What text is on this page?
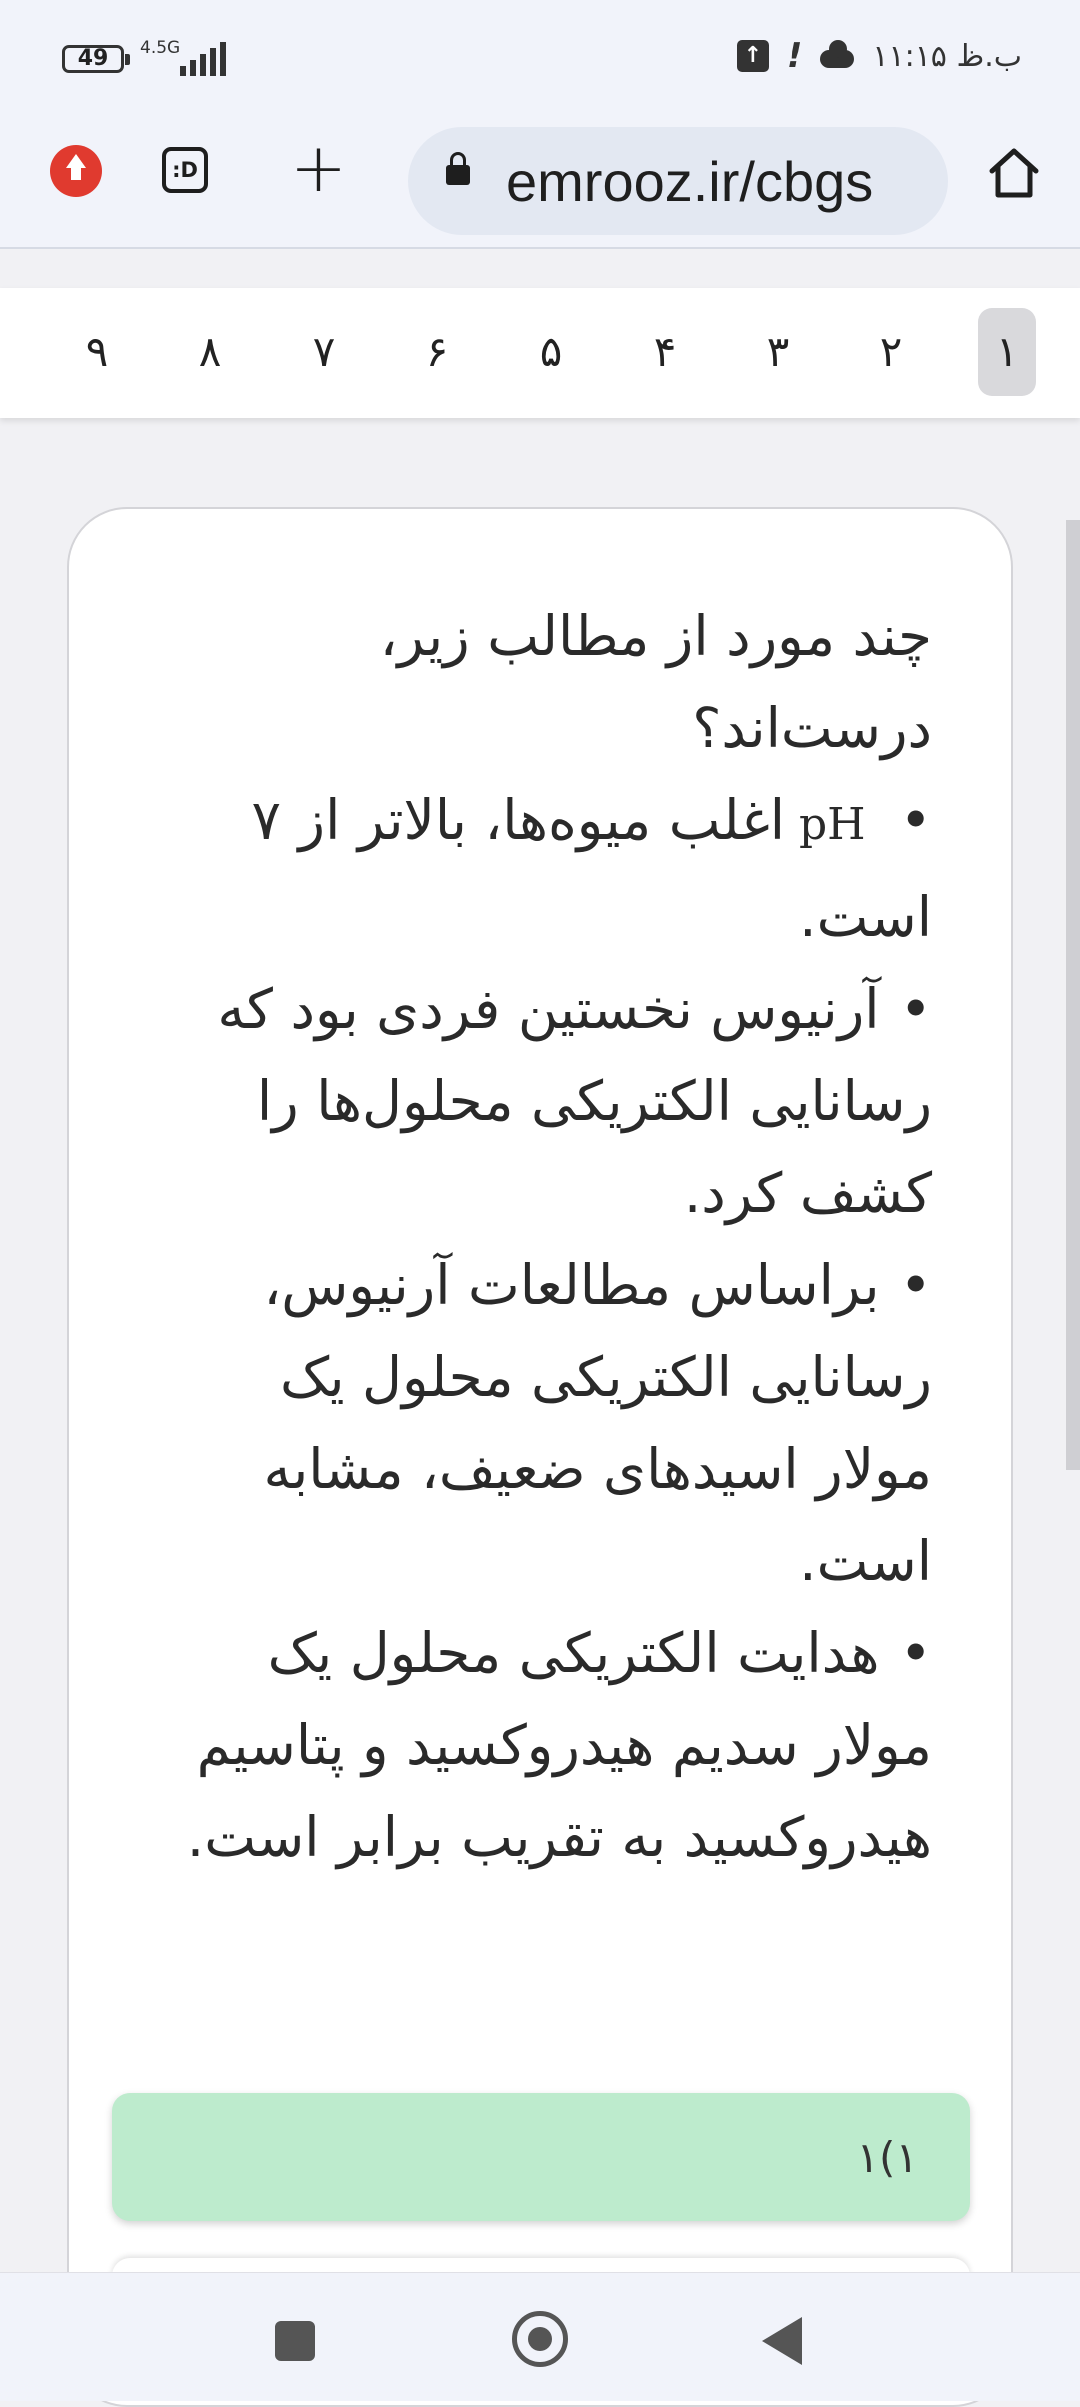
49	4.5G	↑ ! ۱۱:۱۵ ب.ظ
:D +	emrooz.ir/cbgs
۹	۸	۷	۶	۵	۴	۳	۲	۱

چند مورد از مطالب زیر، درست‌اند؟

•pHاغلب میوه‌ها، بالاتر از ۷ است.

•آرنیوس نخستین فردی بود که رسانایی الکتریکی محلول‌ها را کشف کرد.

•براساس مطالعات آرنیوس، رسانایی الکتریکی محلول یک مولار اسیدهای ضعیف، مشابه است.

•هدایت الکتریکی محلول یک مولار سدیم هیدروکسید و پتاسیم هیدروکسید به تقریب برابر است.

۱)۱
